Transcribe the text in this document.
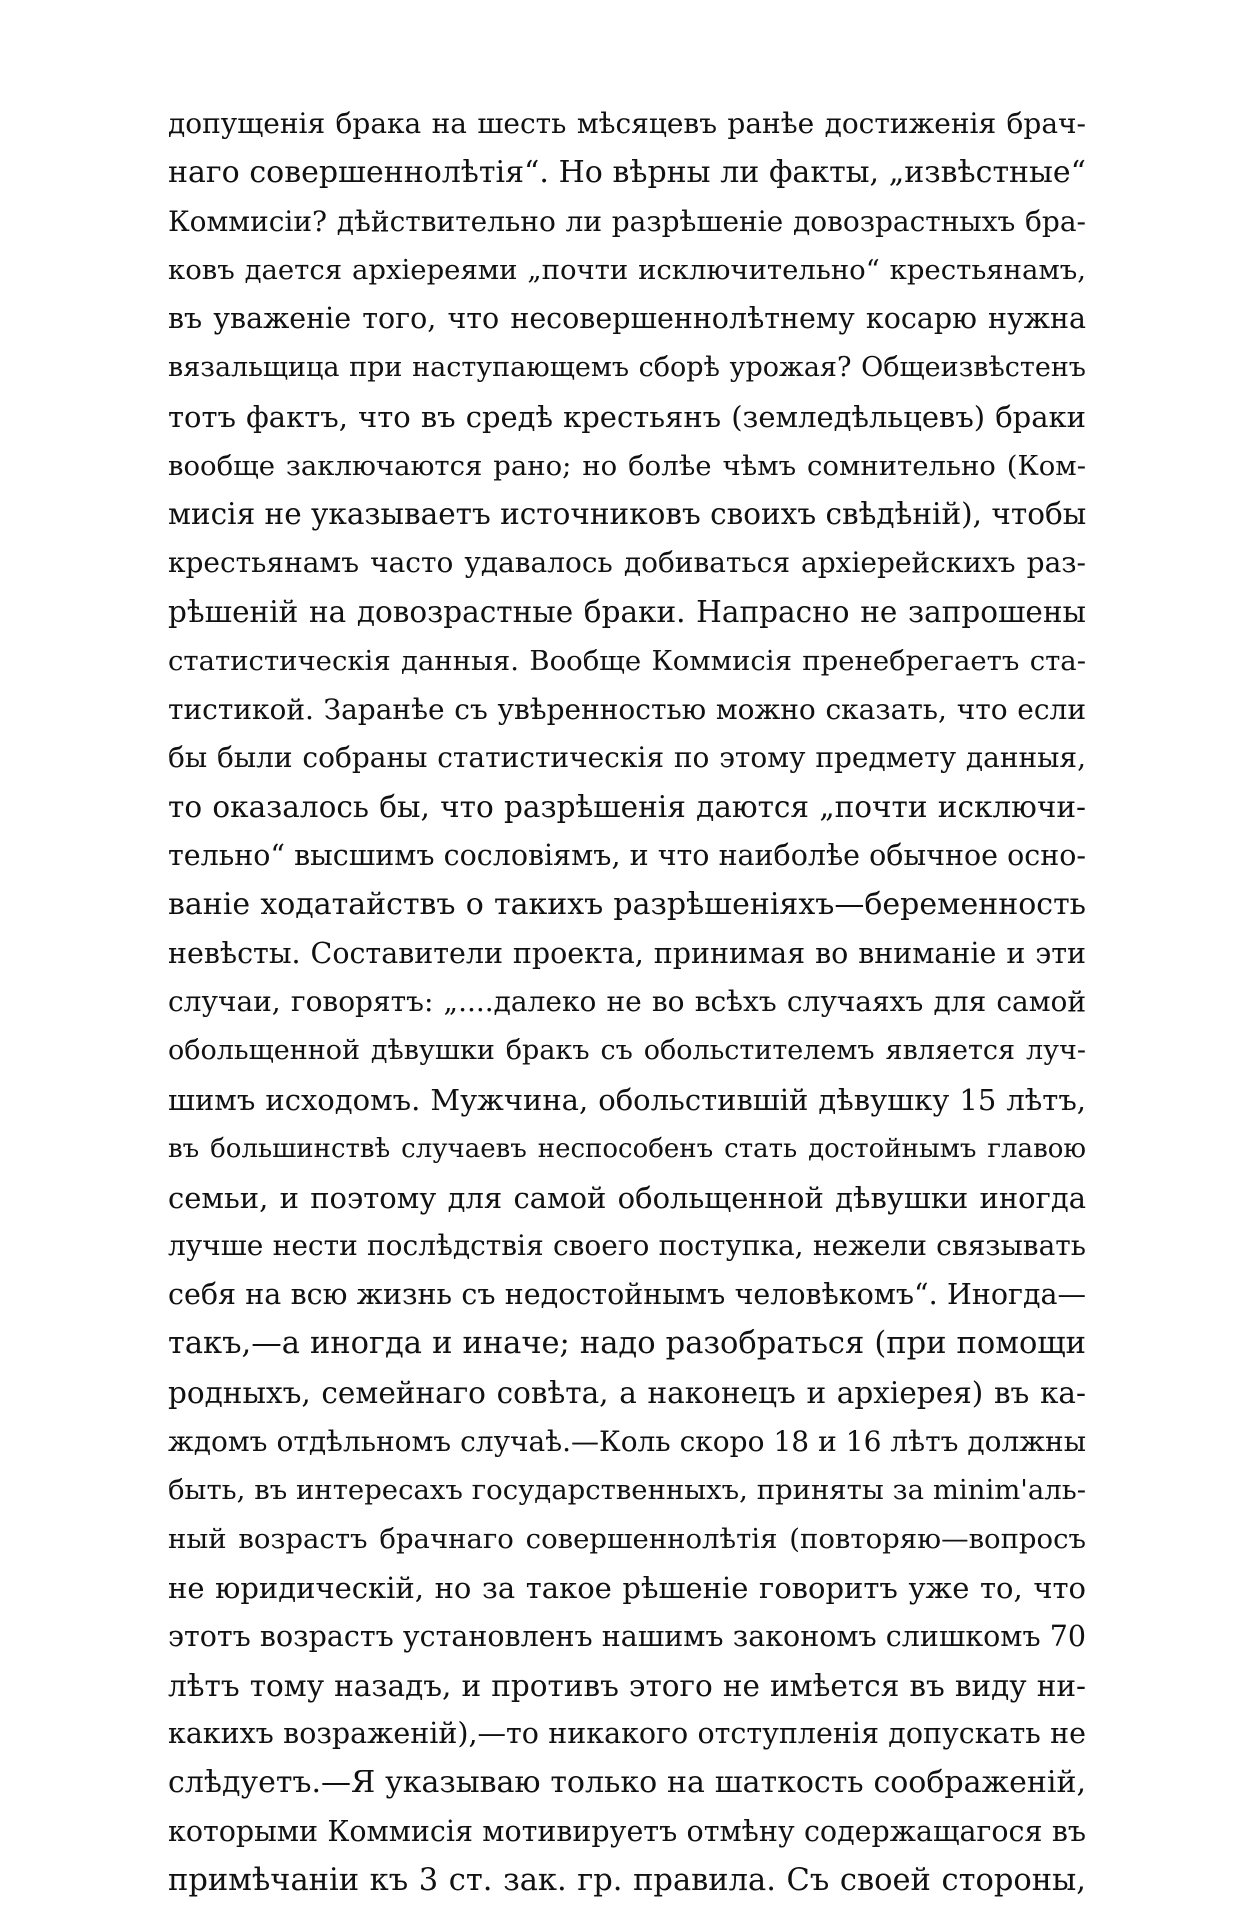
допущенія брака на шесть мѣсяцевъ ранѣе достиженія брач-
наго совершеннолѣтія“. Но вѣрны ли факты, „извѣстные“
Коммисіи? дѣйствительно ли разрѣшеніе довозрастныхъ бра-
ковъ дается архіереями „почти исключительно“ крестьянамъ,
въ уваженіе того, что несовершеннолѣтнему косарю нужна
вязальщица при наступающемъ сборѣ урожая? Общеизвѣстенъ
тотъ фактъ, что въ средѣ крестьянъ (земледѣльцевъ) браки
вообще заключаются рано; но болѣе чѣмъ сомнительно (Ком-
мисія не указываетъ источниковъ своихъ свѣдѣній), чтобы
крестьянамъ часто удавалось добиваться архіерейскихъ раз-
рѣшеній на довозрастные браки. Напрасно не запрошены
статистическія данныя. Вообще Коммисія пренебрегаетъ ста-
тистикой. Заранѣе съ увѣренностью можно сказать, что если
бы были собраны статистическія по этому предмету данныя,
то оказалось бы, что разрѣшенія даются „почти исключи-
тельно“ высшимъ сословіямъ, и что наиболѣе обычное осно-
ваніе ходатайствъ о такихъ разрѣшеніяхъ—беременность
невѣсты. Составители проекта, принимая во вниманіе и эти
случаи, говорятъ: „....далеко не во всѣхъ случаяхъ для самой
обольщенной дѣвушки бракъ съ обольстителемъ является луч-
шимъ исходомъ. Мужчина, обольстившій дѣвушку 15 лѣтъ,
въ большинствѣ случаевъ неспособенъ стать достойнымъ главою
семьи, и поэтому для самой обольщенной дѣвушки иногда
лучше нести послѣдствія своего поступка, нежели связывать
себя на всю жизнь съ недостойнымъ человѣкомъ“. Иногда—
такъ,—а иногда и иначе; надо разобраться (при помощи
родныхъ, семейнаго совѣта, а наконецъ и архіерея) въ ка-
ждомъ отдѣльномъ случаѣ.—Коль скоро 18 и 16 лѣтъ должны
быть, въ интересахъ государственныхъ, приняты за minim'аль-
ный возрастъ брачнаго совершеннолѣтія (повторяю—вопросъ
не юридическій, но за такое рѣшеніе говоритъ уже то, что
этотъ возрастъ установленъ нашимъ закономъ слишкомъ 70
лѣтъ тому назадъ, и противъ этого не имѣется въ виду ни-
какихъ возраженій),—то никакого отступленія допускать не
слѣдуетъ.—Я указываю только на шаткость соображеній,
которыми Коммисія мотивируетъ отмѣну содержащагося въ
примѣчаніи къ 3 ст. зак. гр. правила. Съ своей стороны,
